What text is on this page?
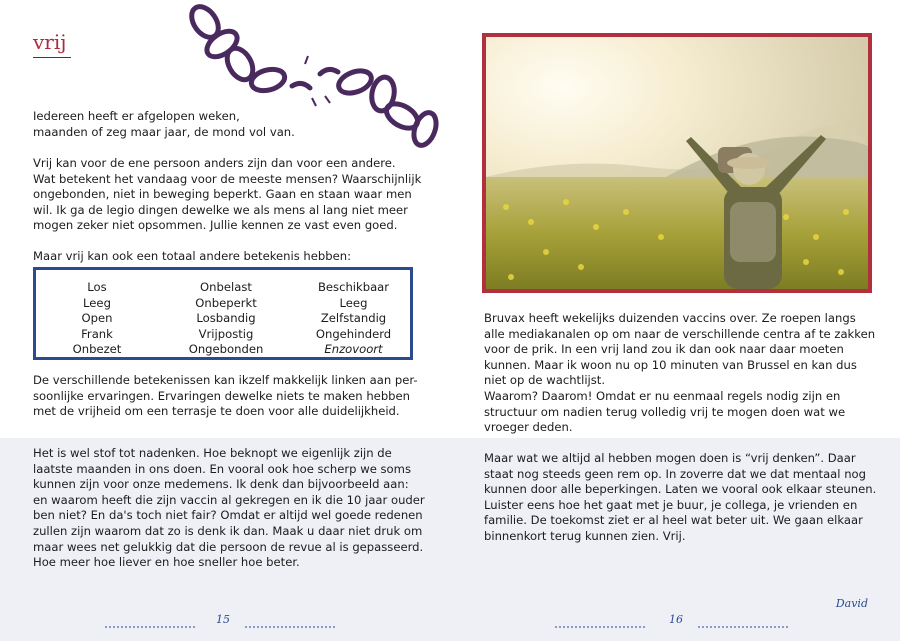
vrij
Iedereen heeft er afgelopen weken,
maanden of zeg maar jaar, de mond vol van.
Vrij kan voor de ene persoon anders zijn dan voor een andere.
Wat betekent het vandaag voor de meeste mensen? Waarschijnlijk
ongebonden, niet in beweging beperkt. Gaan en staan waar men
wil. Ik ga de legio dingen dewelke we als mens al lang niet meer
mogen zeker niet opsommen. Jullie kennen ze vast even goed.
Maar vrij kan ook een totaal andere betekenis hebben:
Los
Leeg
Open
Frank
Onbezet
Onbelast
Onbeperkt
Losbandig
Vrijpostig
Ongebonden
Beschikbaar
Leeg
Zelfstandig
Ongehinderd
Enzovoort
De verschillende betekenissen kan ikzelf makkelijk linken aan per-
soonlijke ervaringen. Ervaringen dewelke niets te maken hebben
met de vrijheid om een terrasje te doen voor alle duidelijkheid.
Het is wel stof tot nadenken. Hoe beknopt we eigenlijk zijn de
laatste maanden in ons doen. En vooral ook hoe scherp we soms
kunnen zijn voor onze medemens. Ik denk dan bijvoorbeeld aan:
en waarom heeft die zijn vaccin al gekregen en ik die 10 jaar ouder
ben niet? En da's toch niet fair? Omdat er altijd wel goede redenen
zullen zijn waarom dat zo is denk ik dan. Maak u daar niet druk om
maar wees net gelukkig dat die persoon de revue al is gepasseerd.
Hoe meer hoe liever en hoe sneller hoe beter.
Bruvax heeft wekelijks duizenden vaccins over. Ze roepen langs
alle mediakanalen op om naar de verschillende centra af te zakken
voor de prik. In een vrij land zou ik dan ook naar daar moeten
kunnen. Maar ik woon nu op 10 minuten van Brussel en kan dus
niet op de wachtlijst.
Waarom? Daarom! Omdat er nu eenmaal regels nodig zijn en
structuur om nadien terug volledig vrij te mogen doen wat we
vroeger deden.
Maar wat we altijd al hebben mogen doen is “vrij denken”. Daar
staat nog steeds geen rem op. In zoverre dat we dat mentaal nog
kunnen door alle beperkingen. Laten we vooral ook elkaar steunen.
Luister eens hoe het gaat met je buur, je collega, je vrienden en
familie. De toekomst ziet er al heel wat beter uit. We gaan elkaar
binnenkort terug kunnen zien. Vrij.
David
15	16
